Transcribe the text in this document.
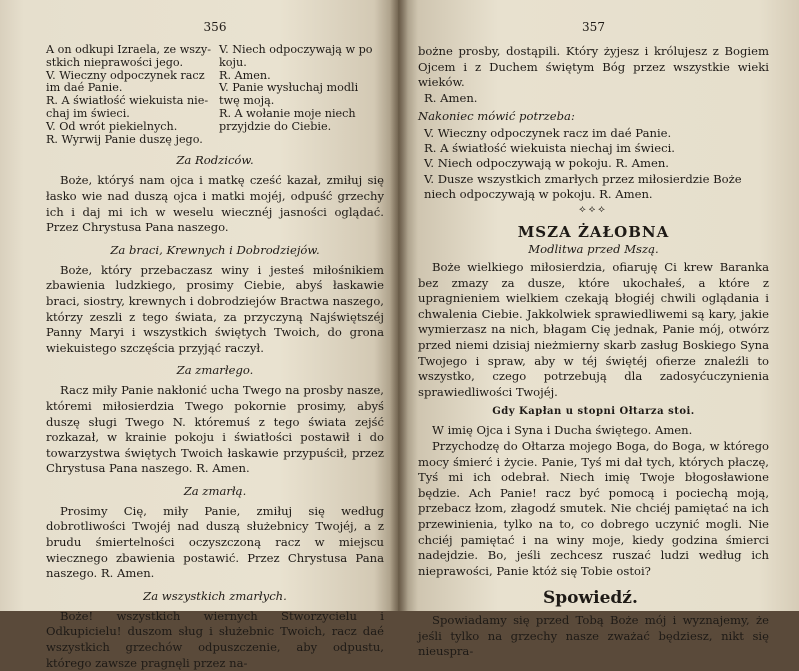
356
A on odkupi Izraela, ze wszy-
stkich nieprawości jego.
V. Wieczny odpoczynek racz
im daé Panie.
R. A światłość wiekuista nie-
chaj im świeci.
V. Od wrót piekielnych.
R. Wyrwij Panie duszę jego.
V. Niech odpoczywają w po
koju.
R. Amen.
V. Panie wysłuchaj modli
twę moją.
R. A wołanie moje niech
przyjdzie do Ciebie.
Za Rodziców.

Boże, któryś nam ojca i matkę cześć kazał, zmiłuj się łasko wie nad duszą ojca i matki mojéj, odpuść grzechy ich i daj mi ich w weselu wiecznéj jasności oglądać. Przez Chrystusa Pana naszego.

Za braci, Krewnych i Dobrodziejów.

Boże, który przebaczasz winy i jesteś miłośnikiem zbawienia ludzkiego, prosimy Ciebie, abyś łaskawie braci, siostry, krewnych i dobrodziejów Bractwa naszego, którzy zeszli z tego świata, za przyczyną Najświętszéj Panny Maryi i wszystkich świętych Twoich, do grona wiekuistego szczęścia przyjąć raczył.

Za zmarłego.

Racz miły Panie nakłonić ucha Twego na prosby nasze, któremi miłosierdzia Twego pokornie prosimy, abyś duszę sługi Twego N. któremuś z tego świata zejść rozkazał, w krainie pokoju i światłości postawił i do towarzystwa świętych Twoich łaskawie przypuścił, przez Chrystusa Pana naszego. R. Amen.

Za zmarłą.

Prosimy Cię, miły Panie, zmiłuj się według dobrotliwości Twojéj nad duszą służebnicy Twojéj, a z brudu śmiertelności oczyszczoną racz w miejscu wiecznego zbawienia postawić. Przez Chrystusa Pana naszego. R. Amen.

Za wszystkich zmarłych.

Boże! wszystkich wiernych Stworzycielu i Odkupicielu! duszom sług i służebnic Twoich, racz daé wszystkich grzechów odpuszczenie, aby odpustu, którego zawsze pragnęli przez na-

357

bożne prosby, dostąpili. Który żyjesz i królujesz z Bogiem Ojcem i z Duchem świętym Bóg przez wszystkie wieki wieków.

R. Amen.
Nakoniec mówić potrzeba:
V. Wieczny odpoczynek racz im daé Panie.
R. A światłość wiekuista niechaj im świeci.
V. Niech odpoczywają w pokoju. R. Amen.
V. Dusze wszystkich zmarłych przez miłosierdzie Boże
niech odpoczywają w pokoju. R. Amen.
⟡⟡⟡
MSZA ŻAŁOBNA
Modlitwa przed Mszą.

Boże wielkiego miłosierdzia, ofiaruję Ci krew Baranka bez zmazy za dusze, które ukochałeś, a które z upragnieniem wielkiem czekają błogiéj chwili oglądania i chwalenia Ciebie. Jakkolwiek sprawiedliwemi są kary, jakie wymierzasz na nich, błagam Cię jednak, Panie mój, otwórz przed niemi dzisiaj nieżmierny skarb zasług Boskiego Syna Twojego i spraw, aby w téj świętéj ofierze znaleźli to wszystko, czego potrzebują dla zadosyćuczynienia sprawiedliwości Twojéj.

Gdy Kapłan u stopni Ołtarza stoi.

W imię Ojca i Syna i Ducha świętego. Amen.

Przychodzę do Ołtarza mojego Boga, do Boga, w którego mocy śmierć i życie. Panie, Tyś mi dał tych, których płaczę, Tyś mi ich odebrał. Niech imię Twoje błogosławione będzie. Ach Panie! racz być pomocą i pociechą moją, przebacz łzom, złagodź smutek. Nie chciéj pamiętać na ich przewinienia, tylko na to, co dobrego uczynić mogli. Nie chciéj pamiętać i na winy moje, kiedy godzina śmierci nadejdzie. Bo, jeśli zechcesz ruszać ludzi według ich nieprawości, Panie któż się Tobie ostoi?

Spowiedź.

Spowiadamy się przed Tobą Boże mój i wyznajemy, że jeśli tylko na grzechy nasze zważać będziesz, nikt się nieuspra-
